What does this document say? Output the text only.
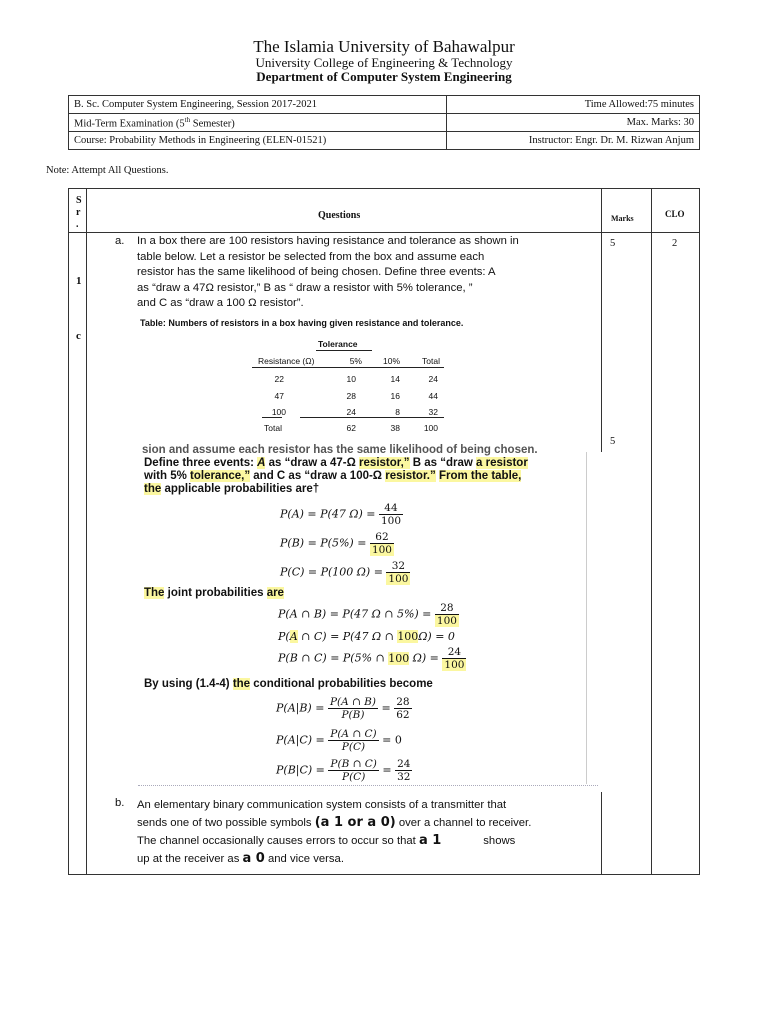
The Islamia University of Bahawalpur
University College of Engineering & Technology
Department of Computer System Engineering
B. Sc. Computer System Engineering, Session 2017-2021	Time Allowed:75 minutes
Mid-Term Examination (5th Semester)	Max. Marks: 30
Course: Probability Methods in Engineering (ELEN-01521)	Instructor: Engr. Dr. M. Rizwan Anjum
Note: Attempt All Questions.
S
r
.
Questions	Marks	CLO
1
c
a. In a box there are 100 resistors having resistance and tolerance as shown in
table below. Let a resistor be selected from the box and assume each
resistor has the same likelihood of being chosen. Define three events: A
as “draw a 47Ω resistor,” B as “ draw a resistor with 5% tolerance, ”
and C as “draw a 100 Ω resistor”.
5	2
5
Table: Numbers of resistors in a box having given resistance and tolerance.
Tolerance
Resistance (Ω)	5%	10%	Total
22	10	14	24
47	28	16	44
100	24	8	32
Total	62	38	100
sion and assume each resistor has the same likelihood of being chosen.
Define three events: A as “draw a 47-Ω resistor,” B as “draw a resistor
with 5% tolerance,” and C as “draw a 100-Ω resistor.” From the table,
the applicable probabilities are†
P(A) = P(47 $\Omega) = \frac{44}{100}$
$P(B) = P(5\%) = \frac{62}{100}$
P(C) = P(100 $\Omega) = \frac{32}{100}$
The joint probabilities are
P(A ∩ B) = P(47 Ω ∩ $5\%) = \frac{28}{100}$
P(A ∩ C) = P(47 Ω ∩ 100Ω) = 0
P(B ∩ C) = P(5% ∩ 100 $\Omega) = \frac{24}{100}$
By using (1.4-4) the conditional probabilities become
$P(A|B) = \frac{P(A \cap B)}{P(B)} = \frac{28}{62}$
$P(A|C) = \frac{P(A \cap C)}{P(C)} = 0$
$P(B|C) = \frac{P(B \cap C)}{P(C)} = \frac{24}{32}$
b. An elementary binary communication system consists of a transmitter that
sends one of two possible symbols (a 1 or a 0) over a channel to receiver.
The channel occasionally causes errors to occur so that a 1	shows
up at the receiver as a 0 and vice versa.
